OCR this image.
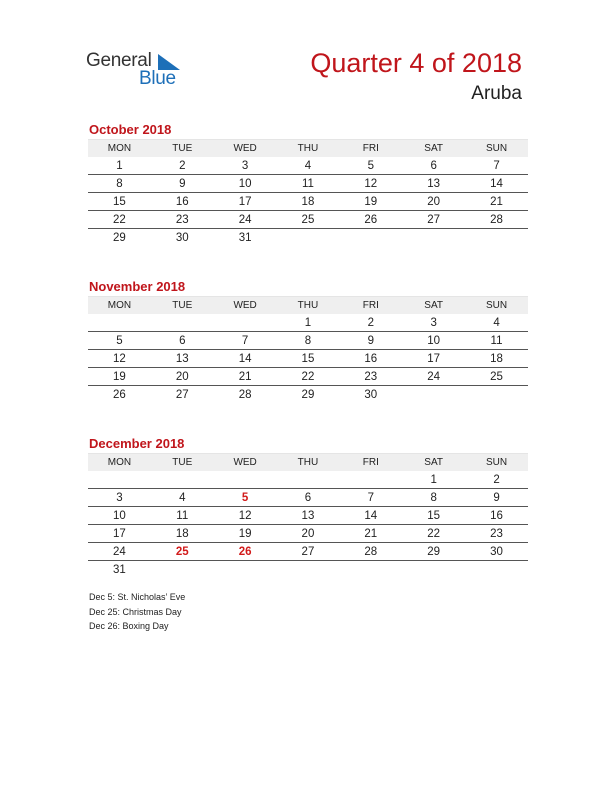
General
Blue
Quarter 4 of 2018
Aruba
October 2018
MON	TUE	WED	THU	FRI	SAT	SUN
1	2	3	4	5	6	7
8	9	10	11	12	13	14
15	16	17	18	19	20	21
22	23	24	25	26	27	28
29	30	31				
November 2018
MON	TUE	WED	THU	FRI	SAT	SUN
			1	2	3	4
5	6	7	8	9	10	11
12	13	14	15	16	17	18
19	20	21	22	23	24	25
26	27	28	29	30		
December 2018
MON	TUE	WED	THU	FRI	SAT	SUN
					1	2
3	4	5	6	7	8	9
10	11	12	13	14	15	16
17	18	19	20	21	22	23
24	25	26	27	28	29	30
31						
Dec 5: St. Nicholas’ Eve
Dec 25: Christmas Day
Dec 26: Boxing Day
